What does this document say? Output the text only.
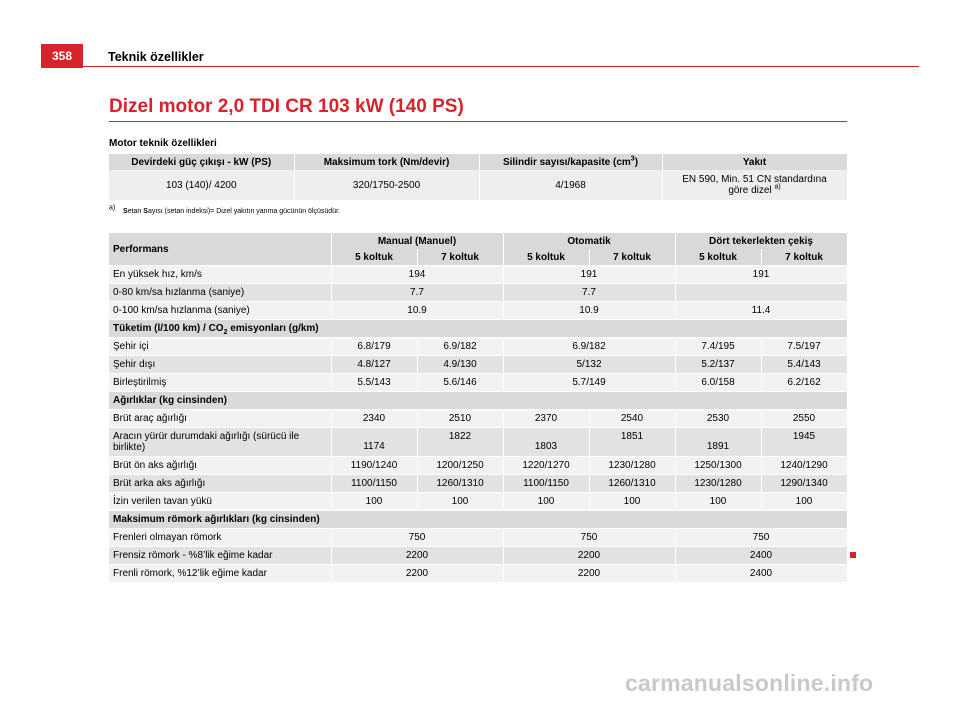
358	Teknik özellikler
Dizel motor 2,0 TDI CR 103 kW (140 PS)
Motor teknik özellikleri
Devirdeki güç çıkışı - kW (PS)	Maksimum tork (Nm/devir)	Silindir sayısı/kapasite $(cm^3)$	Yakıt
103 (140)/ 4200	320/1750-2500	4/1968	EN 590, Min. 51 CN standardına
göre dizel $^{a)}$
$^{a)}$ Setan Sayısı (setan indeksi)= Dizel yakıtın yanma gücünün ölçüsüdür.
Performans	Manual (Manuel)		Otomatik		Dört tekerlekten çekiş	
	5 koltuk	7 koltuk	5 koltuk	7 koltuk	5 koltuk	7 koltuk
En yüksek hız, km/s	194		191		191	
0-80 km/sa hızlanma (saniye)	7.7		7.7			
0-100 km/sa hızlanma (saniye)	10.9		10.9		11.4	
Tüketim (l/100 $km) / CO_2$ emisyonları (g/km)						
Şehir içi	6.8/179	6.9/182	6.9/182		7.4/195	7.5/197
Şehir dışı	4.8/127	4.9/130	5/132		5.2/137	5.4/143
Birleştirilmiş	5.5/143	5.6/146	5.7/149		6.0/158	6.2/162
Ağırlıklar (kg cinsinden)						
Brüt araç ağırlığı	2340	2510	2370	2540	2530	2550
Aracın yürür durumdaki ağırlığı (sürücü ile birlikte)	1174	1822	1803	1851	1891	1945
Brüt ön aks ağırlığı	1190/1240	1200/1250	1220/1270	1230/1280	1250/1300	1240/1290
Brüt arka aks ağırlığı	1100/1150	1260/1310	1100/1150	1260/1310	1230/1280	1290/1340
İzin verilen tavan yükü	100	100	100	100	100	100
Maksimum römork ağırlıkları (kg cinsinden)						
Frenleri olmayan römork	750		750		750	
Frensiz römork - %8’lik eğime kadar	2200		2200		2400	
Frenli römork, %12’lik eğime kadar	2200		2200		2400	
carmanualsonline.info
